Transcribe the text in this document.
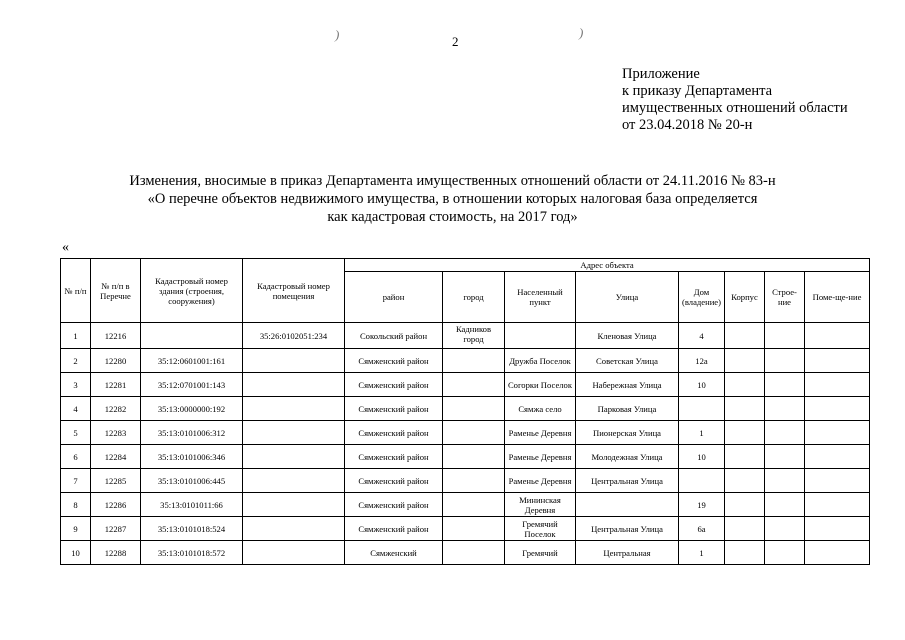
)	2
)
Приложение
к приказу Департамента
имущественных отношений области
от 23.04.2018 № 20-н
Изменения, вносимые в приказ Департамента имущественных отношений области от 24.11.2016 № 83-н
«О перечне объектов недвижимого имущества, в отношении которых налоговая база определяется
как кадастровая стоимость, на 2017 год»
«
№ п/п	№ п/п в Перечне	Кадастровый номер здания (строения, сооружения)	Кадастровый номер помещения	Адрес объекта							
				район	город	Населенный пункт	Улица	Дом (владение)	Корпус	Строе-ние	Поме-ще-ние
1	12216		35:26:0102051:234	Сокольский район	Кадников город		Кленовая Улица	4			
2	12280	35:12:0601001:161		Сямженский район		Дружба Поселок	Советская Улица	12а			
3	12281	35:12:0701001:143		Сямженский район		Согорки Поселок	Набережная Улица	10			
4	12282	35:13:0000000:192		Сямженский район		Сямжа село	Парковая Улица				
5	12283	35:13:0101006:312		Сямженский район		Раменье Деревня	Пионерская Улица	1			
6	12284	35:13:0101006:346		Сямженский район		Раменье Деревня	Молодежная Улица	10			
7	12285	35:13:0101006:445		Сямженский район		Раменье Деревня	Центральная Улица				
8	12286	35:13:0101011:66		Сямженский район		Мининская Деревня		19			
9	12287	35:13:0101018:524		Сямженский район		Гремячий Поселок	Центральная Улица	6а			
10	12288	35:13:0101018:572		Сямженский		Гремячий	Центральная	1			
